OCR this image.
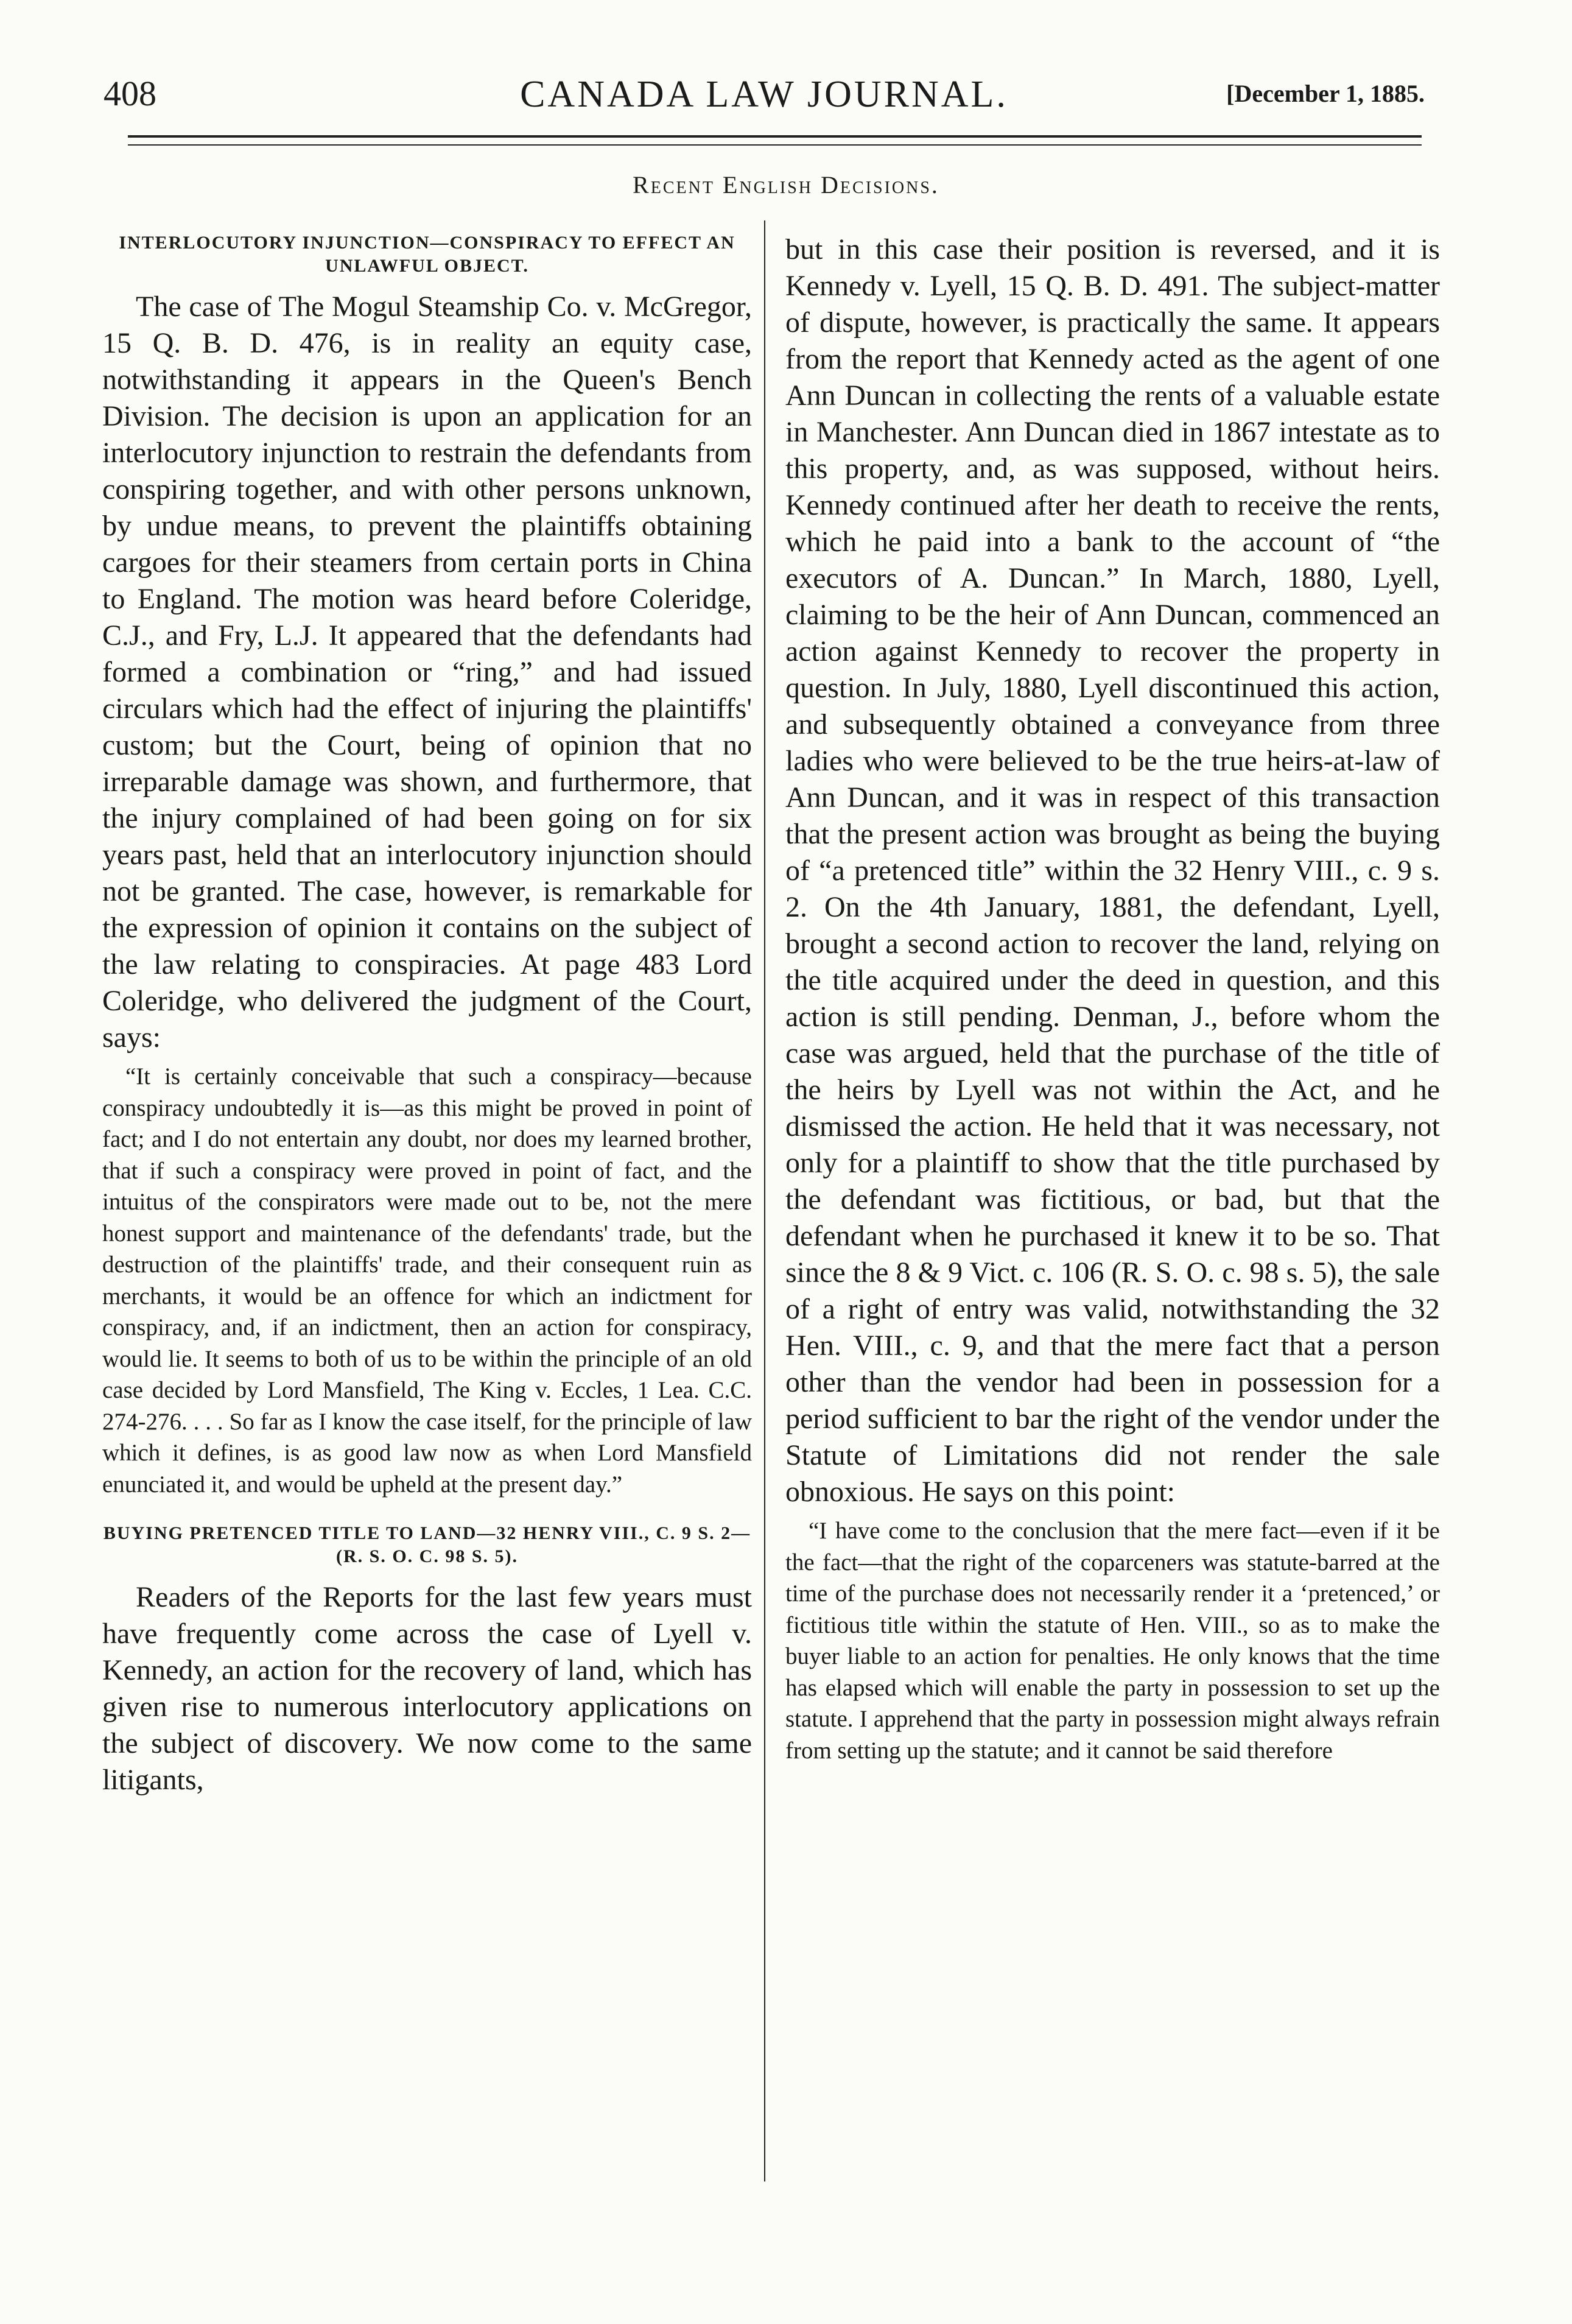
408	CANADA LAW JOURNAL.	[December 1, 1885.
Recent English Decisions.

INTERLOCUTORY INJUNCTION—CONSPIRACY TO EFFECT AN UNLAWFUL OBJECT.

The case of The Mogul Steamship Co. v. McGregor, 15 Q. B. D. 476, is in reality an equity case, notwithstanding it appears in the Queen's Bench Division. The decision is upon an application for an interlocutory injunction to restrain the defendants from conspiring together, and with other persons unknown, by undue means, to prevent the plaintiffs obtaining cargoes for their steamers from certain ports in China to England. The motion was heard before Coleridge, C.J., and Fry, L.J. It appeared that the defendants had formed a combination or “ring,” and had issued circulars which had the effect of injuring the plaintiffs' custom; but the Court, being of opinion that no irreparable damage was shown, and furthermore, that the injury complained of had been going on for six years past, held that an interlocutory injunction should not be granted. The case, however, is remarkable for the expression of opinion it contains on the subject of the law relating to conspiracies. At page 483 Lord Coleridge, who delivered the judgment of the Court, says:

“It is certainly conceivable that such a conspiracy—because conspiracy undoubtedly it is—as this might be proved in point of fact; and I do not entertain any doubt, nor does my learned brother, that if such a conspiracy were proved in point of fact, and the intuitus of the conspirators were made out to be, not the mere honest support and maintenance of the defendants' trade, but the destruction of the plaintiffs' trade, and their consequent ruin as merchants, it would be an offence for which an indictment for conspiracy, and, if an indictment, then an action for conspiracy, would lie. It seems to both of us to be within the principle of an old case decided by Lord Mansfield, The King v. Eccles, 1 Lea. C.C. 274-276. . . . So far as I know the case itself, for the principle of law which it defines, is as good law now as when Lord Mansfield enunciated it, and would be upheld at the present day.”

BUYING PRETENCED TITLE TO LAND—32 HENRY VIII., C. 9 S. 2—(R. S. O. C. 98 S. 5).

Readers of the Reports for the last few years must have frequently come across the case of Lyell v. Kennedy, an action for the recovery of land, which has given rise to numerous interlocutory applications on the subject of discovery. We now come to the same litigants,

but in this case their position is reversed, and it is Kennedy v. Lyell, 15 Q. B. D. 491. The subject-matter of dispute, however, is practically the same. It appears from the report that Kennedy acted as the agent of one Ann Duncan in collecting the rents of a valuable estate in Manchester. Ann Duncan died in 1867 intestate as to this property, and, as was supposed, without heirs. Kennedy continued after her death to receive the rents, which he paid into a bank to the account of “the executors of A. Duncan.” In March, 1880, Lyell, claiming to be the heir of Ann Duncan, commenced an action against Kennedy to recover the property in question. In July, 1880, Lyell discontinued this action, and subsequently obtained a conveyance from three ladies who were believed to be the true heirs-at-law of Ann Duncan, and it was in respect of this transaction that the present action was brought as being the buying of “a pretenced title” within the 32 Henry VIII., c. 9 s. 2. On the 4th January, 1881, the defendant, Lyell, brought a second action to recover the land, relying on the title acquired under the deed in question, and this action is still pending. Denman, J., before whom the case was argued, held that the purchase of the title of the heirs by Lyell was not within the Act, and he dismissed the action. He held that it was necessary, not only for a plaintiff to show that the title purchased by the defendant was fictitious, or bad, but that the defendant when he purchased it knew it to be so. That since the 8 & 9 Vict. c. 106 (R. S. O. c. 98 s. 5), the sale of a right of entry was valid, notwithstanding the 32 Hen. VIII., c. 9, and that the mere fact that a person other than the vendor had been in possession for a period sufficient to bar the right of the vendor under the Statute of Limitations did not render the sale obnoxious. He says on this point:

“I have come to the conclusion that the mere fact—even if it be the fact—that the right of the coparceners was statute-barred at the time of the purchase does not necessarily render it a ‘pretenced,’ or fictitious title within the statute of Hen. VIII., so as to make the buyer liable to an action for penalties. He only knows that the time has elapsed which will enable the party in possession to set up the statute. I apprehend that the party in possession might always refrain from setting up the statute; and it cannot be said therefore
